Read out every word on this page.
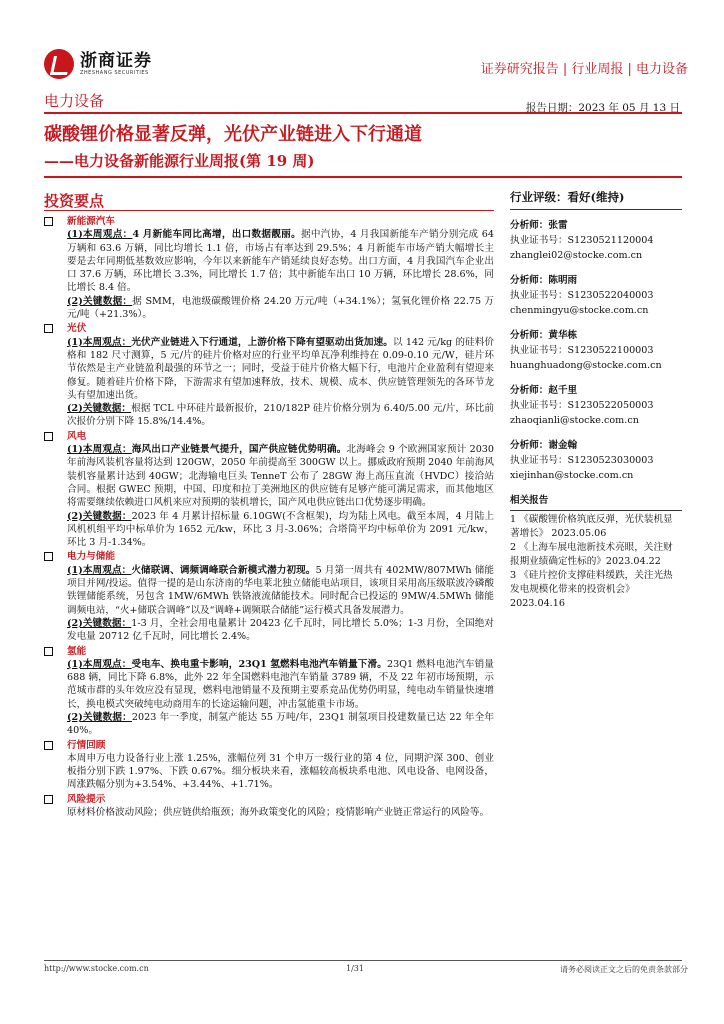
浙商证券
ZHESHANG SECURITIES	证券研究报告 | 行业周报 | 电力设备
电力设备	报告日期：2023 年 05 月 13 日
碳酸锂价格显著反弹，光伏产业链进入下行通道
——电力设备新能源行业周报(第 19 周)
投资要点
新能源汽车
(1)本周观点：4 月新能车同比高增，出口数据靓丽。据中汽协，4 月我国新能车产销分别完成 64 万辆和 63.6 万辆，同比均增长 1.1 倍，市场占有率达到 29.5%；4 月新能车市场产销大幅增长主要是去年同期低基数效应影响，今年以来新能车产销延续良好态势。出口方面，4 月我国汽车企业出口 37.6 万辆，环比增长 3.3%，同比增长 1.7 倍；其中新能车出口 10 万辆，环比增长 28.6%，同比增长 8.4 倍。
(2)关键数据：据 SMM，电池级碳酸锂价格 24.20 万元/吨（+34.1%）；氢氧化锂价格 22.75 万元/吨（+21.3%）。
光伏
(1)本周观点：光伏产业链进入下行通道，上游价格下降有望驱动出货加速。以 142 元/kg 的硅料价格和 182 尺寸测算，5 元/片的硅片价格对应的行业平均单瓦净利维持在 0.09-0.10 元/W，硅片环节依然是主产业链盈利最强的环节之一；同时，受益于硅片价格大幅下行，电池片企业盈利有望迎来修复。随着硅片价格下降，下游需求有望加速释放，技术、规模、成本、供应链管理领先的各环节龙头有望加速出货。
(2)关键数据：根据 TCL 中环硅片最新报价，210/182P 硅片价格分别为 6.40/5.00 元/片，环比前次报价分别下降 15.8%/14.4%。
风电
(1)本周观点：海风出口产业链景气提升，国产供应链优势明确。北海峰会 9 个欧洲国家预计 2030 年前海风装机容量将达到 120GW，2050 年前提高至 300GW 以上。挪威政府预期 2040 年前海风装机容量累计达到 40GW；北海输电巨头 TenneT 公布了 28GW 海上高压直流（HVDC）接洽站合同。根据 GWEC 预期，中国、印度和拉丁美洲地区的供应链有足够产能可满足需求，而其他地区将需要继续依赖进口风机来应对预期的装机增长，国产风电供应链出口优势逐步明确。
(2)关键数据：2023 年 4 月累计招标量 6.10GW(不含框架)，均为陆上风电。截至本周，4 月陆上风机机组平均中标单价为 1652 元/kw，环比 3 月-3.06%；合塔筒平均中标单价为 2091 元/kw，环比 3 月-1.34%。
电力与储能
(1)本周观点：火储联调、调频调峰联合新模式潜力初现。5 月第一周共有 402MW/807MWh 储能项目并网/投运。值得一提的是山东济南的华电莱北独立储能电站项目，该项目采用高压级联波冷磷酸铁锂储能系统，另包含 1MW/6MWh 铁铬液流储能技术。同时配合已投运的 9MW/4.5MWh 储能调频电站，“火+储联合调峰”以及“调峰+调频联合储能”运行模式具备发展潜力。
(2)关键数据：1-3 月，全社会用电量累计 20423 亿千瓦时，同比增长 5.0%；1-3 月份，全国绝对发电量 20712 亿千瓦时，同比增长 2.4%。
氢能
(1)本周观点：受电车、换电重卡影响，23Q1 氢燃料电池汽车销量下滑。23Q1 燃料电池汽车销量 688 辆，同比下降 6.8%，此外 22 年全国燃料电池汽车销量 3789 辆，不及 22 年初市场预期，示范城市群的头年效应没有显现，燃料电池销量不及预期主要系竞品优势仍明显，纯电动车销量快速增长，换电模式突破纯电动商用车的长途运输问题，冲击氢能重卡市场。
(2)关键数据：2023 年一季度，制氢产能达 55 万吨/年，23Q1 制氢项目投建数量已达 22 年全年 40%。
行情回顾
本周申万电力设备行业上涨 1.25%，涨幅位列 31 个申万一级行业的第 4 位，同期沪深 300、创业板指分别下跌 1.97%、下跌 0.67%。细分板块来看，涨幅较高板块系电池、风电设备、电网设备，周涨跌幅分别为+3.54%、+3.44%、+1.71%。
风险提示
原材料价格波动风险；供应链供给瓶颈；海外政策变化的风险；疫情影响产业链正常运行的风险等。
行业评级：看好(维持)
分析师：张雷
执业证书号：S1230521120004
zhanglei02@stocke.com.cn
分析师：陈明雨
执业证书号：S1230522040003
chenmingyu@stocke.com.cn
分析师：黄华栋
执业证书号：S1230522100003
huanghuadong@stocke.com.cn
分析师：赵千里
执业证书号：S1230522050003
zhaoqianli@stocke.com.cn
分析师：谢金翰
执业证书号：S1230523030003
xiejinhan@stocke.com.cn
相关报告
1 《碳酸锂价格筑底反弹，光伏装机显著增长》 2023.05.06
2 《上海车展电池新技术亮眼，关注财报期业绩确定性标的》2023.04.22
3 《硅片控价支撑硅料缓跌，关注光热发电规模化带来的投资机会》 2023.04.16
http://www.stocke.com.cn	1/31	请务必阅读正文之后的免责条款部分
